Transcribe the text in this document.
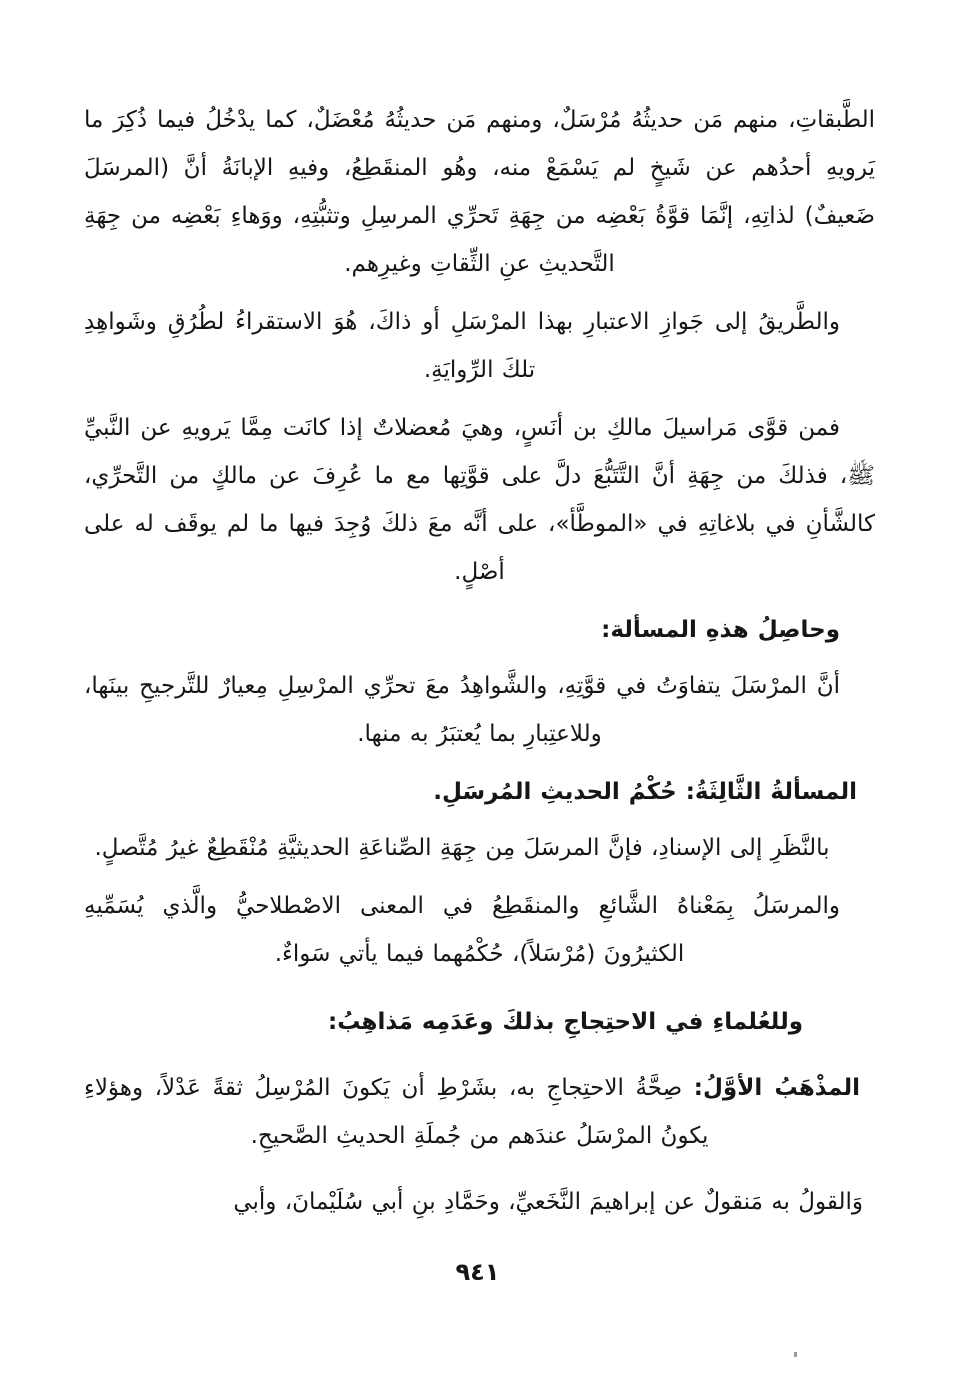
الطَّبقاتِ، منهم مَن حديثُهُ مُرْسَلٌ، ومنهم مَن حديثُهُ مُعْضَلٌ، كما يدْخُلُ فيما ذُكِرَ ما يَرويهِ أحدُهم عن شَيخٍ لم يَسْمَعْ منه، وهُو المنقَطِعُ، وفيهِ الإبانَةُ أنَّ (المرسَلَ ضَعيفٌ) لذاتِهِ، إنَّمَا قوَّةُ بَعْضِه من جِهَةِ تَحرِّي المرسِلِ وتثبُّتِهِ، ووَهاءِ بَعْضِه من جِهَةِ التَّحديثِ عنِ الثِّقاتِ وغيرِهم.

والطَّريقُ إلى جَوازِ الاعتبارِ بهذا المرْسَلِ أو ذاكَ، هُوَ الاستقراءُ لطُرُقِ وشَواهِدِ تلكَ الرِّوايَةِ.

فمن قوَّى مَراسيلَ مالكِ بن أنَسٍ، وهيَ مُعضلاتٌ إذا كانَت مِمَّا يَرويهِ عن النَّبيِّ ﷺ، فذلكَ من جِهَةِ أنَّ التَّتَبُّعَ دلَّ على قوَّتِها مع ما عُرِفَ عن مالكٍ من التَّحرِّي، كالشَّأنِ في بلاغاتِهِ في «الموطَّأ»، على أنَّه معَ ذلكَ وُجِدَ فيها ما لم يوقَف له على أصْلٍ.

وحاصِلُ هذهِ المسألة:

أنَّ المرْسَلَ يتفاوَتُ في قوَّتِهِ، والشَّواهِدُ معَ تحرِّي المرْسِلِ مِعيارٌ للتَّرجيحِ بينَها، وللاعتِبارِ بما يُعتبَرُ به منها.

المسألةُ الثَّالِثَةُ: حُكْمُ الحديثِ المُرسَلِ.

بالنَّظَرِ إلى الإسنادِ، فإنَّ المرسَلَ مِن جِهَةِ الصِّناعَةِ الحديثيَّةِ مُنْقَطِعٌ غيرُ مُتَّصلٍ.

والمرسَلُ بِمَعْناهُ الشَّائعِ والمنقَطِعُ في المعنى الاصْطلاحيُّ والَّذي يُسَمِّيهِ الكثيرُونَ (مُرْسَلاً)، حُكْمُهما فيما يأتي سَواءٌ.

وللعُلماءِ في الاحتِجاجِ بذلكَ وعَدَمِه مَذاهِبُ:

المذْهَبُ الأوَّلُ: صِحَّةُ الاحتِجاجِ به، بشَرْطِ أن يَكونَ المُرْسِلُ ثقةً عَدْلاً، وهؤلاءِ يكونُ المرْسَلُ عندَهم من جُملَةِ الحديثِ الصَّحيحِ.

وَالقولُ به مَنقولٌ عن إبراهيمَ النَّخَعيِّ، وحَمَّادِ بنِ أبي سُلَيْمانَ، وأبي

٩٤١
